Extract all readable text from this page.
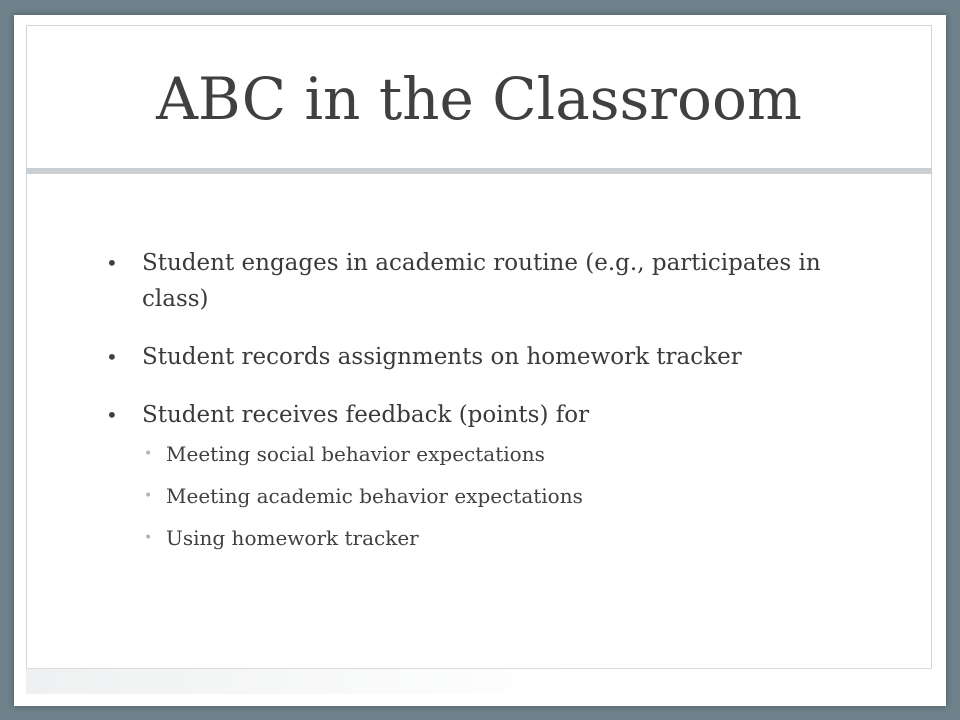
ABC in the Classroom
• Student engages in academic routine (e.g., participates in class)
• Student records assignments on homework tracker
• Student receives feedback (points) for
• Meeting social behavior expectations
• Meeting academic behavior expectations
• Using homework tracker
